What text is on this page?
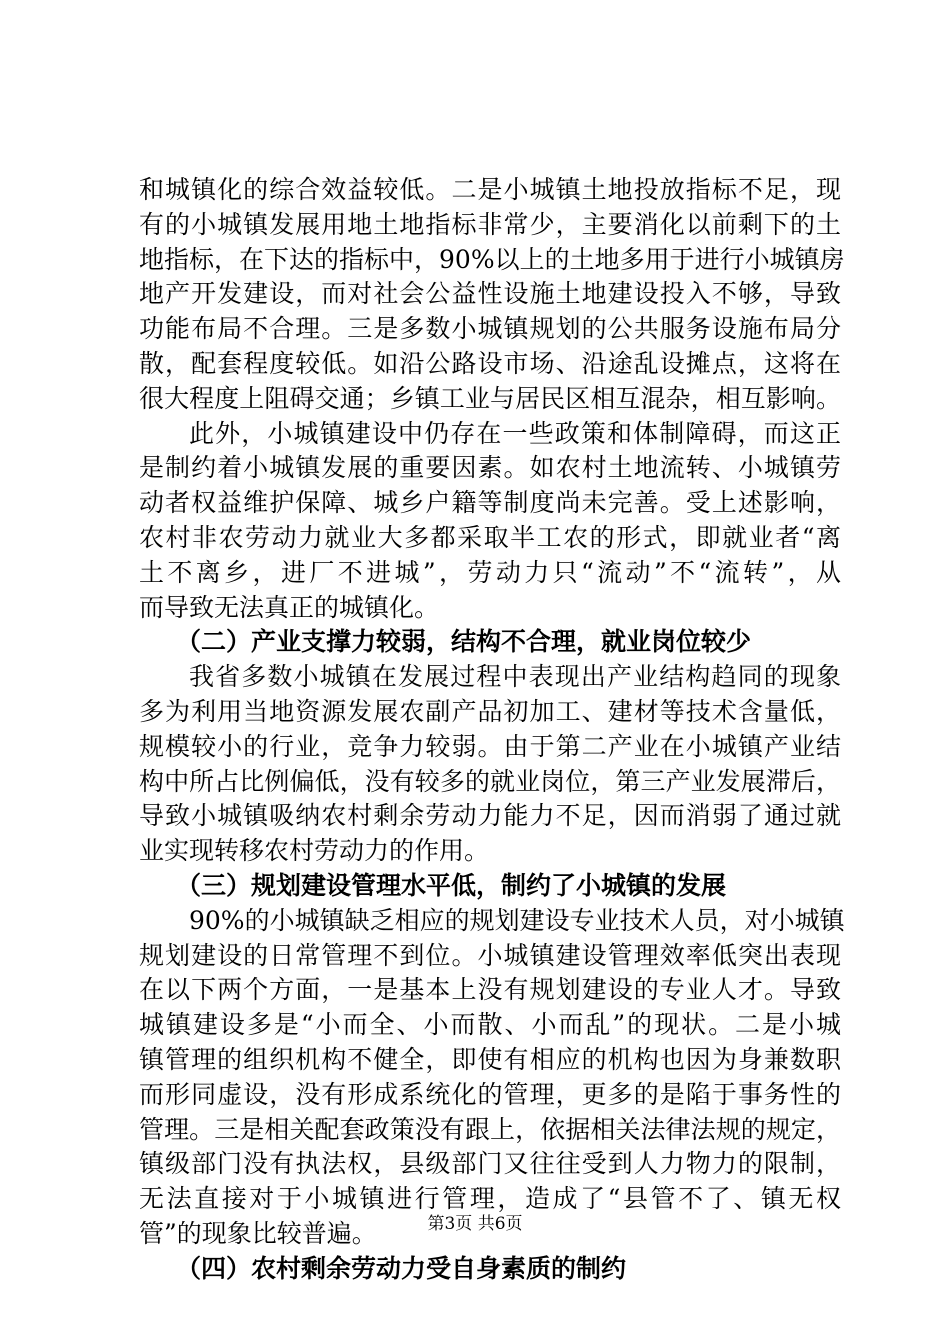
和城镇化的综合效益较低。二是小城镇土地投放指标不足，现
有的小城镇发展用地土地指标非常少，主要消化以前剩下的土
地指标，在下达的指标中，90%以上的土地多用于进行小城镇房
地产开发建设，而对社会公益性设施土地建设投入不够，导致
功能布局不合理。三是多数小城镇规划的公共服务设施布局分
散，配套程度较低。如沿公路设市场、沿途乱设摊点，这将在
很大程度上阻碍交通；乡镇工业与居民区相互混杂，相互影响。
此外，小城镇建设中仍存在一些政策和体制障碍，而这正
是制约着小城镇发展的重要因素。如农村土地流转、小城镇劳
动者权益维护保障、城乡户籍等制度尚未完善。受上述影响，
农村非农劳动力就业大多都采取半工农的形式，即就业者“离
土不离乡，进厂不进城”，劳动力只“流动”不“流转”，从
而导致无法真正的城镇化。
（二）产业支撑力较弱，结构不合理，就业岗位较少
我省多数小城镇在发展过程中表现出产业结构趋同的现象
多为利用当地资源发展农副产品初加工、建材等技术含量低，
规模较小的行业，竞争力较弱。由于第二产业在小城镇产业结
构中所占比例偏低，没有较多的就业岗位，第三产业发展滞后，
导致小城镇吸纳农村剩余劳动力能力不足，因而消弱了通过就
业实现转移农村劳动力的作用。
（三）规划建设管理水平低，制约了小城镇的发展
90%的小城镇缺乏相应的规划建设专业技术人员，对小城镇
规划建设的日常管理不到位。小城镇建设管理效率低突出表现
在以下两个方面，一是基本上没有规划建设的专业人才。导致
城镇建设多是“小而全、小而散、小而乱”的现状。二是小城
镇管理的组织机构不健全，即使有相应的机构也因为身兼数职
而形同虚设，没有形成系统化的管理，更多的是陷于事务性的
管理。三是相关配套政策没有跟上，依据相关法律法规的规定，
镇级部门没有执法权，县级部门又往往受到人力物力的限制，
无法直接对于小城镇进行管理，造成了“县管不了、镇无权
管”的现象比较普遍。
（四）农村剩余劳动力受自身素质的制约
第3页 共6页
